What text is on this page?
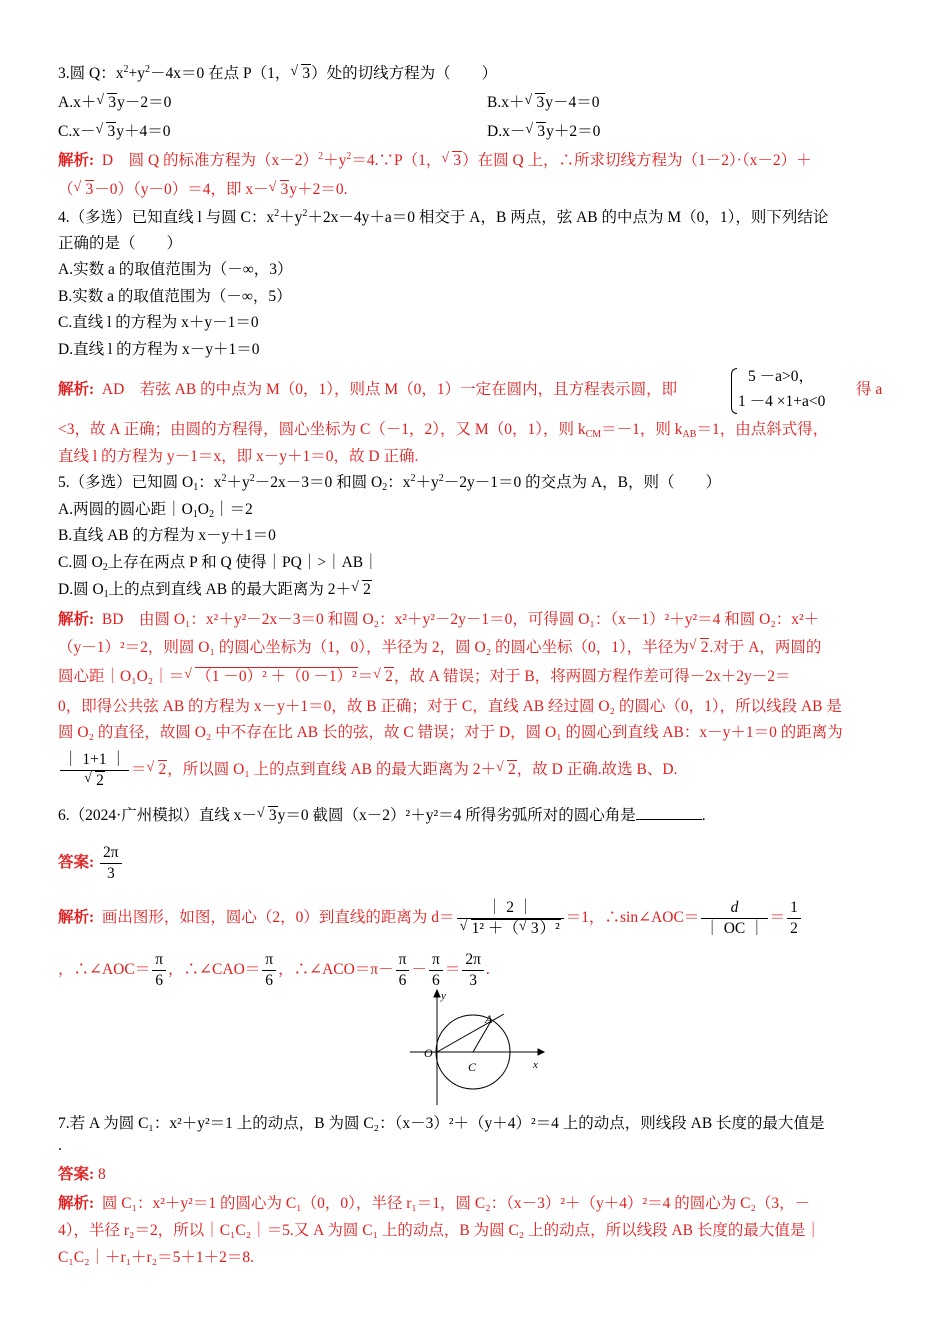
3.圆 Q：$x^2+y^2-4x=0$ 在点 P（1， √ 3）处的切线方程为（　　）
A.x＋ √ 3y－2＝0	B.x＋ √ 3y－4＝0
C.x－ √ 3y＋4＝0	D.x－ √ 3y＋2＝0
解析: D　圆 Q 的标准方程为$(x-2)^2+y^2=4.\because P(1$， √ 3）在圆 Q 上，∴所求切线方程为（1－2）·（x－2）＋
（ √ 3－0）（y－0）＝4，即 x－ √ 3y＋2＝0.
4.（多选）已知直线 l 与圆 C：$x^2+y^2+2x-4y+a=0$ 相交于 A，B 两点，弦 AB 的中点为 M（0，1），则下列结论
正确的是（　　）
A.实数 a 的取值范围为（－∞，3）
B.实数 a 的取值范围为（－∞，5）
C.直线 l 的方程为 x＋y－1＝0
D.直线 l 的方程为 x－y＋1＝0
解析: AD　若弦 AB 的中点为 M（0，1），则点 M（0，1）一定在圆内，且方程表示圆，即
5 －a>0，
1 －4 ×1+a<0
得 a
<3，故 A 正确；由圆的方程得，圆心坐标为 C（－1，2），又 M（0，1），则 $k_{CM}=-1$，则 $k_{AB}=1$，由点斜式得，
直线 l 的方程为 y－1＝x，即 x－y＋1＝0，故 D 正确.
5.（多选）已知圆 $O_1$：$x^2+y^2-2x-3=0$ 和圆 $O_2$：$x^2+y^2-2y-1=0$ 的交点为 A，B，则（　　）
A.两圆的圆心距$|O_1O_2|=2$
B.直线 AB 的方程为 x－y＋1＝0
C.圆 $O_2$上存在两点 P 和 Q 使得｜PQ｜>｜AB｜
D.圆 $O_1$上的点到直线 AB 的最大距离为 2＋ √ 2
解析: BD　由圆 O₁：x²＋y²－2x－3＝0 和圆 O₂：x²＋y²－2y－1＝0，可得圆 O₁：（x－1）²＋y²＝4 和圆 O₂：x²＋
（y－1）²＝2，则圆 O₁ 的圆心坐标为（1，0），半径为 2，圆 O₂ 的圆心坐标（0，1），半径为 √ 2.对于 A，两圆的
圆心距｜O₁O₂｜＝ √ （1 －0）² ＋（0 －1）²＝ √ 2，故 A 错误；对于 B，将两圆方程作差可得－2x＋2y－2＝
0，即得公共弦 AB 的方程为 x－y＋1＝0，故 B 正确；对于 C，直线 AB 经过圆 O₂ 的圆心（0，1），所以线段 AB 是
圆 O₂ 的直径，故圆 O₂ 中不存在比 AB 长的弦，故 C 错误；对于 D，圆 O₁ 的圆心到直线 AB：x－y＋1＝0 的距离为
$\frac{| 1+1 |}{√ 2}$ ＝ √ 2，所以圆 O₁ 上的点到直线 AB 的最大距离为 2＋ √ 2，故 D 正确.故选 B、D.
6.（2024·广州模拟）直线 x－ √ 3y＝0 截圆（x－2）²＋y²＝4 所得劣弧所对的圆心角是	.
答案: $\frac{2\pi}{3}$
解析: 画出图形，如图，圆心（2，0）到直线的距离为 $d= \frac{| 2 |}{\text{√ 1² ＋（ √ 3）²}} =1$，∴sin∠AOC＝ $\frac{d}{| OC |} = \frac{1}{2}$
，∴∠AOC＝ $\frac{\pi}{6}$ ，∴∠CAO＝ $\frac{\pi}{6}$ ，∴∠ACO＝π－ $\frac{\pi}{6} - \frac{\pi}{6} = \frac{2\pi}{3}$ .
y
x
O
A
C
7.若 A 为圆 C₁：x²＋y²＝1 上的动点，B 为圆 C₂：（x－3）²＋（y＋4）²＝4 上的动点，则线段 AB 长度的最大值是
.
答案: 8
解析: 圆 C₁：x²＋y²＝1 的圆心为 C₁（0，0），半径 r₁＝1，圆 C₂：（x－3）²＋（y＋4）²＝4 的圆心为 C₂（3，－
4），半径 r₂＝2，所以｜C₁C₂｜＝5.又 A 为圆 C₁ 上的动点，B 为圆 C₂ 上的动点，所以线段 AB 长度的最大值是｜
C₁C₂｜＋r₁＋r₂＝5＋1＋2＝8.
